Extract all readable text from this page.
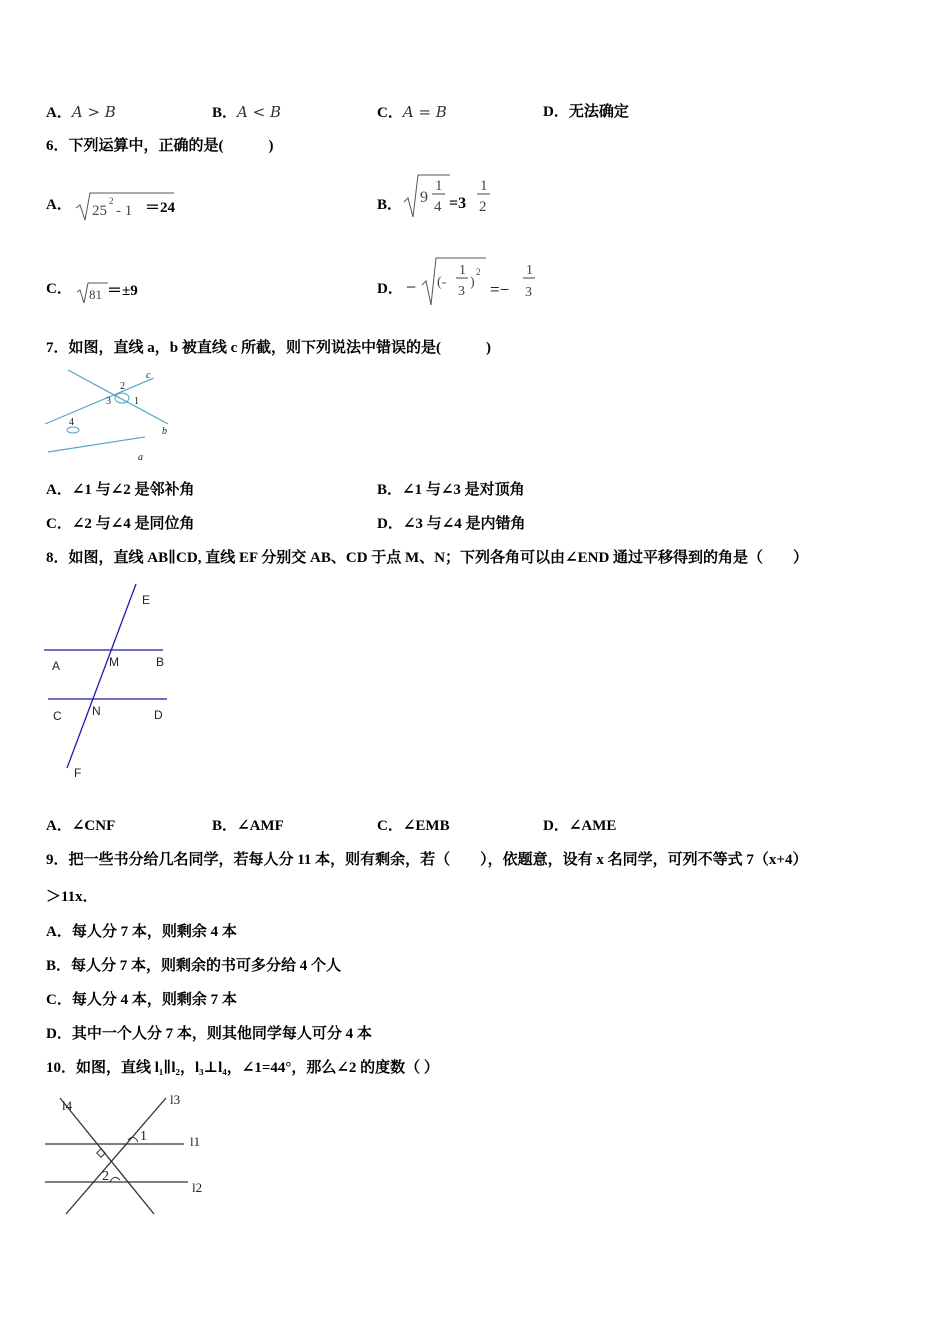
A．A > B	B．A < B	C．A = B	D．无法确定
6．下列运算中，正确的是(　　　)
A． 25
2
- 1 ＝24	B． 9
1
4 =3
1
2
C． 81 ＝±9	D． − (-
1
3
)
2
=−
1
3
7．如图，直线 a，b 被直线 c 所截，则下列说法中错误的是(　　　)
2
3 1
4
c
b
a
A．∠1 与∠2 是邻补角	B．∠1 与∠3 是对顶角
C．∠2 与∠4 是同位角	D．∠3 与∠4 是内错角
8．如图，直线 AB∥CD, 直线 EF 分别交 AB、CD 于点 M、N；下列各角可以由∠END 通过平移得到的角是（　　）
E
A	M	B
C	N	D
F
A．∠CNF	B．∠AMF	C．∠EMB	D．∠AME
9．把一些书分给几名同学，若每人分 11 本，则有剩余，若（　　），依题意，设有 x 名同学，可列不等式 7（x+4）
＞11x．
A．每人分 7 本，则剩余 4 本
B．每人分 7 本，则剩余的书可多分给 4 个人
C．每人分 4 本，则剩余 7 本
D．其中一个人分 7 本，则其他同学每人可分 4 本
10．如图，直线 l₁∥l₂，l₃⊥l₄，∠1=44°，那么∠2 的度数（ ）
l4	l3
1	l1
2
l2
